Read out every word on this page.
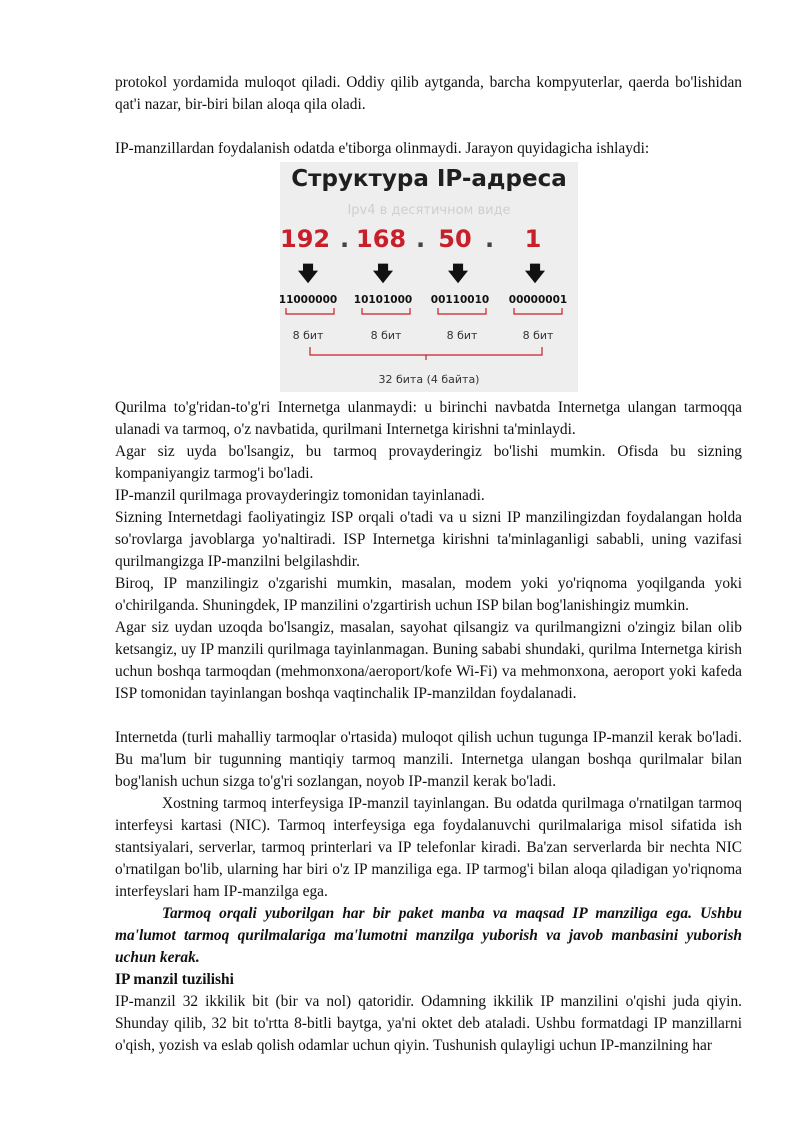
protokol yordamida muloqot qiladi. Oddiy qilib aytganda, barcha kompyuterlar, qaerda bo'lishidan qat'i nazar, bir-biri bilan aloqa qila oladi.

IP-manzillardan foydalanish odatda e'tiborga olinmaydi. Jarayon quyidagicha ishlaydi:

Структура IP-адреса
Ipv4 в десятичном виде
192 . 168 . 50 .	1
🡇	🡇	🡇	🡇
11000000 10101000 00110010 00000001
8 бит	8 бит	8 бит	8 бит
32 бита (4 байта)

Qurilma to'g'ridan-to'g'ri Internetga ulanmaydi: u birinchi navbatda Internetga ulangan tarmoqqa ulanadi va tarmoq, o'z navbatida, qurilmani Internetga kirishni ta'minlaydi.

Agar siz uyda bo'lsangiz, bu tarmoq provayderingiz bo'lishi mumkin. Ofisda bu sizning kompaniyangiz tarmog'i bo'ladi.

IP-manzil qurilmaga provayderingiz tomonidan tayinlanadi.

Sizning Internetdagi faoliyatingiz ISP orqali o'tadi va u sizni IP manzilingizdan foydalangan holda so'rovlarga javoblarga yo'naltiradi. ISP Internetga kirishni ta'minlaganligi sababli, uning vazifasi qurilmangizga IP-manzilni belgilashdir.

Biroq, IP manzilingiz o'zgarishi mumkin, masalan, modem yoki yo'riqnoma yoqilganda yoki o'chirilganda. Shuningdek, IP manzilini o'zgartirish uchun ISP bilan bog'lanishingiz mumkin.

Agar siz uydan uzoqda bo'lsangiz, masalan, sayohat qilsangiz va qurilmangizni o'zingiz bilan olib ketsangiz, uy IP manzili qurilmaga tayinlanmagan. Buning sababi shundaki, qurilma Internetga kirish uchun boshqa tarmoqdan (mehmonxona/aeroport/kofe Wi-Fi) va mehmonxona, aeroport yoki kafeda ISP tomonidan tayinlangan boshqa vaqtinchalik IP-manzildan foydalanadi.

Internetda (turli mahalliy tarmoqlar o'rtasida) muloqot qilish uchun tugunga IP-manzil kerak bo'ladi. Bu ma'lum bir tugunning mantiqiy tarmoq manzili. Internetga ulangan boshqa qurilmalar bilan bog'lanish uchun sizga to'g'ri sozlangan, noyob IP-manzil kerak bo'ladi.

Xostning tarmoq interfeysiga IP-manzil tayinlangan. Bu odatda qurilmaga o'rnatilgan tarmoq interfeysi kartasi (NIC). Tarmoq interfeysiga ega foydalanuvchi qurilmalariga misol sifatida ish stantsiyalari, serverlar, tarmoq printerlari va IP telefonlar kiradi. Ba'zan serverlarda bir nechta NIC o'rnatilgan bo'lib, ularning har biri o'z IP manziliga ega. IP tarmog'i bilan aloqa qiladigan yo'riqnoma interfeyslari ham IP-manzilga ega.

Tarmoq orqali yuborilgan har bir paket manba va maqsad IP manziliga ega. Ushbu ma'lumot tarmoq qurilmalariga ma'lumotni manzilga yuborish va javob manbasini yuborish uchun kerak.

IP manzil tuzilishi

IP-manzil 32 ikkilik bit (bir va nol) qatoridir. Odamning ikkilik IP manzilini o'qishi juda qiyin. Shunday qilib, 32 bit to'rtta 8-bitli baytga, ya'ni oktet deb ataladi. Ushbu formatdagi IP manzillarni o'qish, yozish va eslab qolish odamlar uchun qiyin. Tushunish qulayligi uchun IP-manzilning har
